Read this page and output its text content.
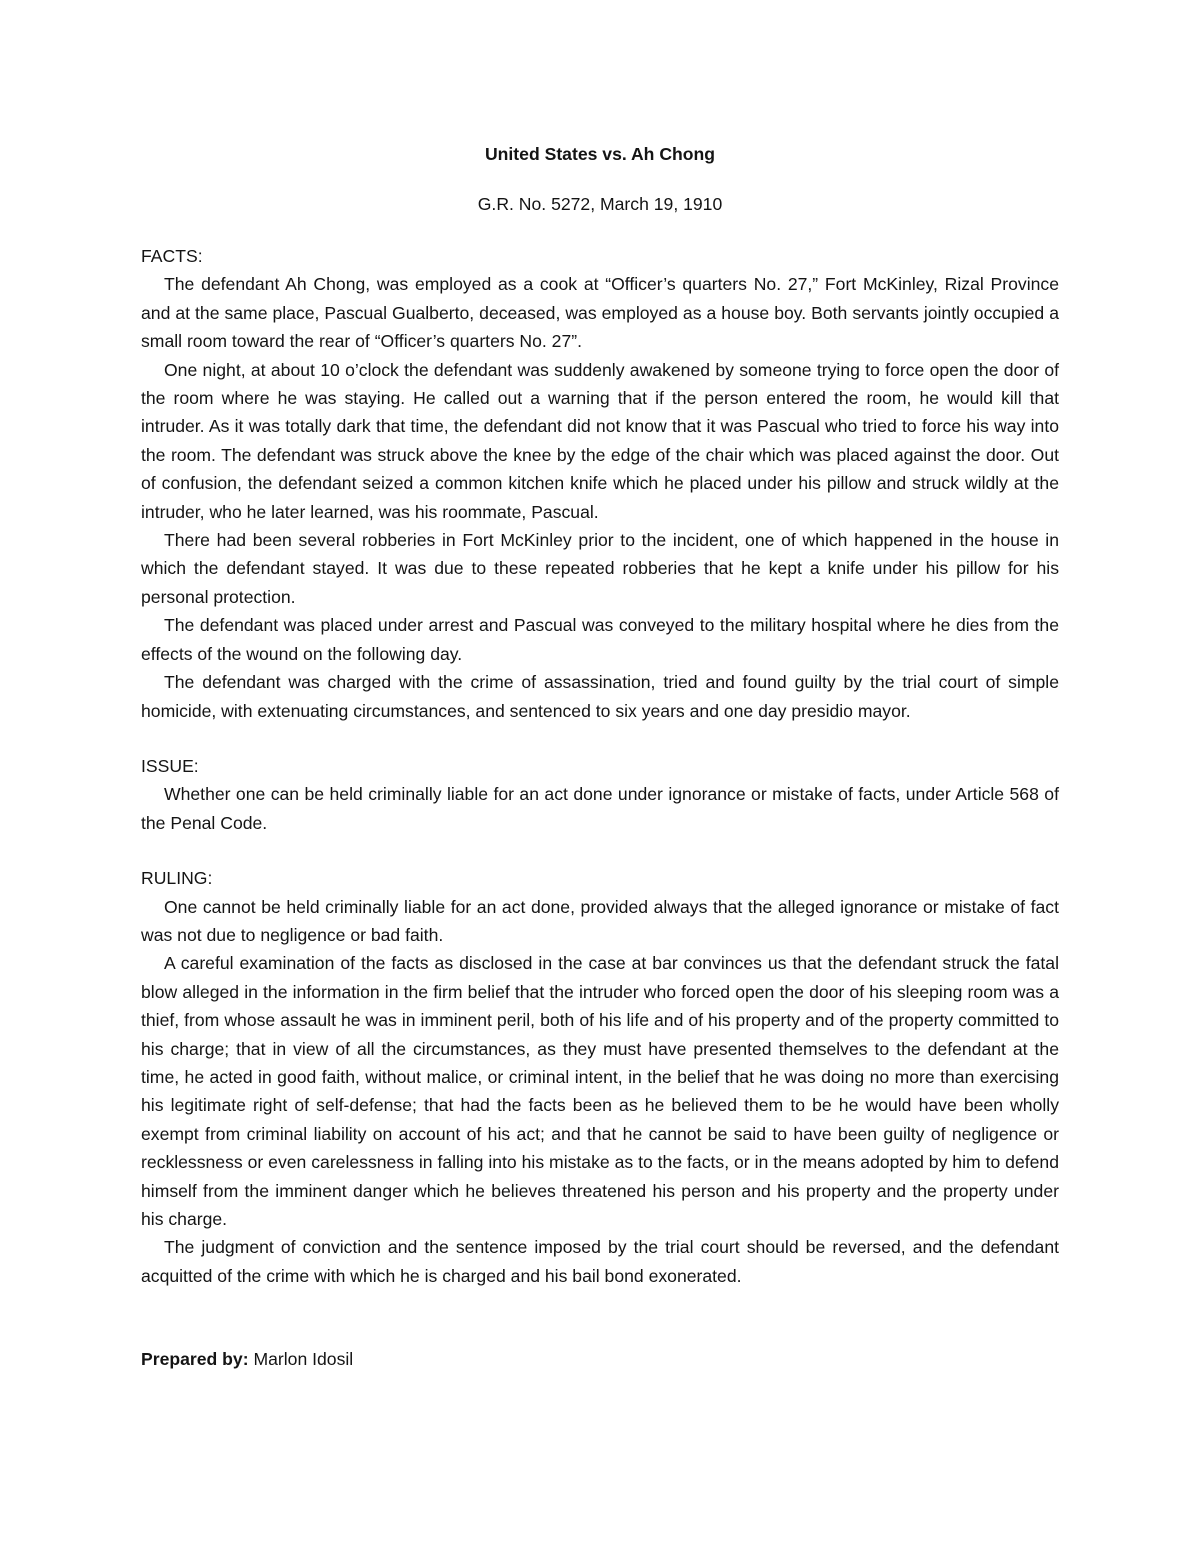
United States vs. Ah Chong
G.R. No. 5272, March 19, 1910
FACTS:

The defendant Ah Chong, was employed as a cook at “Officer’s quarters No. 27,” Fort McKinley, Rizal Province and at the same place, Pascual Gualberto, deceased, was employed as a house boy. Both servants jointly occupied a small room toward the rear of “Officer’s quarters No. 27”.

One night, at about 10 o’clock the defendant was suddenly awakened by someone trying to force open the door of the room where he was staying. He called out a warning that if the person entered the room, he would kill that intruder. As it was totally dark that time, the defendant did not know that it was Pascual who tried to force his way into the room. The defendant was struck above the knee by the edge of the chair which was placed against the door. Out of confusion, the defendant seized a common kitchen knife which he placed under his pillow and struck wildly at the intruder, who he later learned, was his roommate, Pascual.

There had been several robberies in Fort McKinley prior to the incident, one of which happened in the house in which the defendant stayed. It was due to these repeated robberies that he kept a knife under his pillow for his personal protection.

The defendant was placed under arrest and Pascual was conveyed to the military hospital where he dies from the effects of the wound on the following day.

The defendant was charged with the crime of assassination, tried and found guilty by the trial court of simple homicide, with extenuating circumstances, and sentenced to six years and one day presidio mayor.

ISSUE:

Whether one can be held criminally liable for an act done under ignorance or mistake of facts, under Article 568 of the Penal Code.

RULING:

One cannot be held criminally liable for an act done, provided always that the alleged ignorance or mistake of fact was not due to negligence or bad faith.

A careful examination of the facts as disclosed in the case at bar convinces us that the defendant struck the fatal blow alleged in the information in the firm belief that the intruder who forced open the door of his sleeping room was a thief, from whose assault he was in imminent peril, both of his life and of his property and of the property committed to his charge; that in view of all the circumstances, as they must have presented themselves to the defendant at the time, he acted in good faith, without malice, or criminal intent, in the belief that he was doing no more than exercising his legitimate right of self-defense; that had the facts been as he believed them to be he would have been wholly exempt from criminal liability on account of his act; and that he cannot be said to have been guilty of negligence or recklessness or even carelessness in falling into his mistake as to the facts, or in the means adopted by him to defend himself from the imminent danger which he believes threatened his person and his property and the property under his charge.

The judgment of conviction and the sentence imposed by the trial court should be reversed, and the defendant acquitted of the crime with which he is charged and his bail bond exonerated.

Prepared by: Marlon Idosil
